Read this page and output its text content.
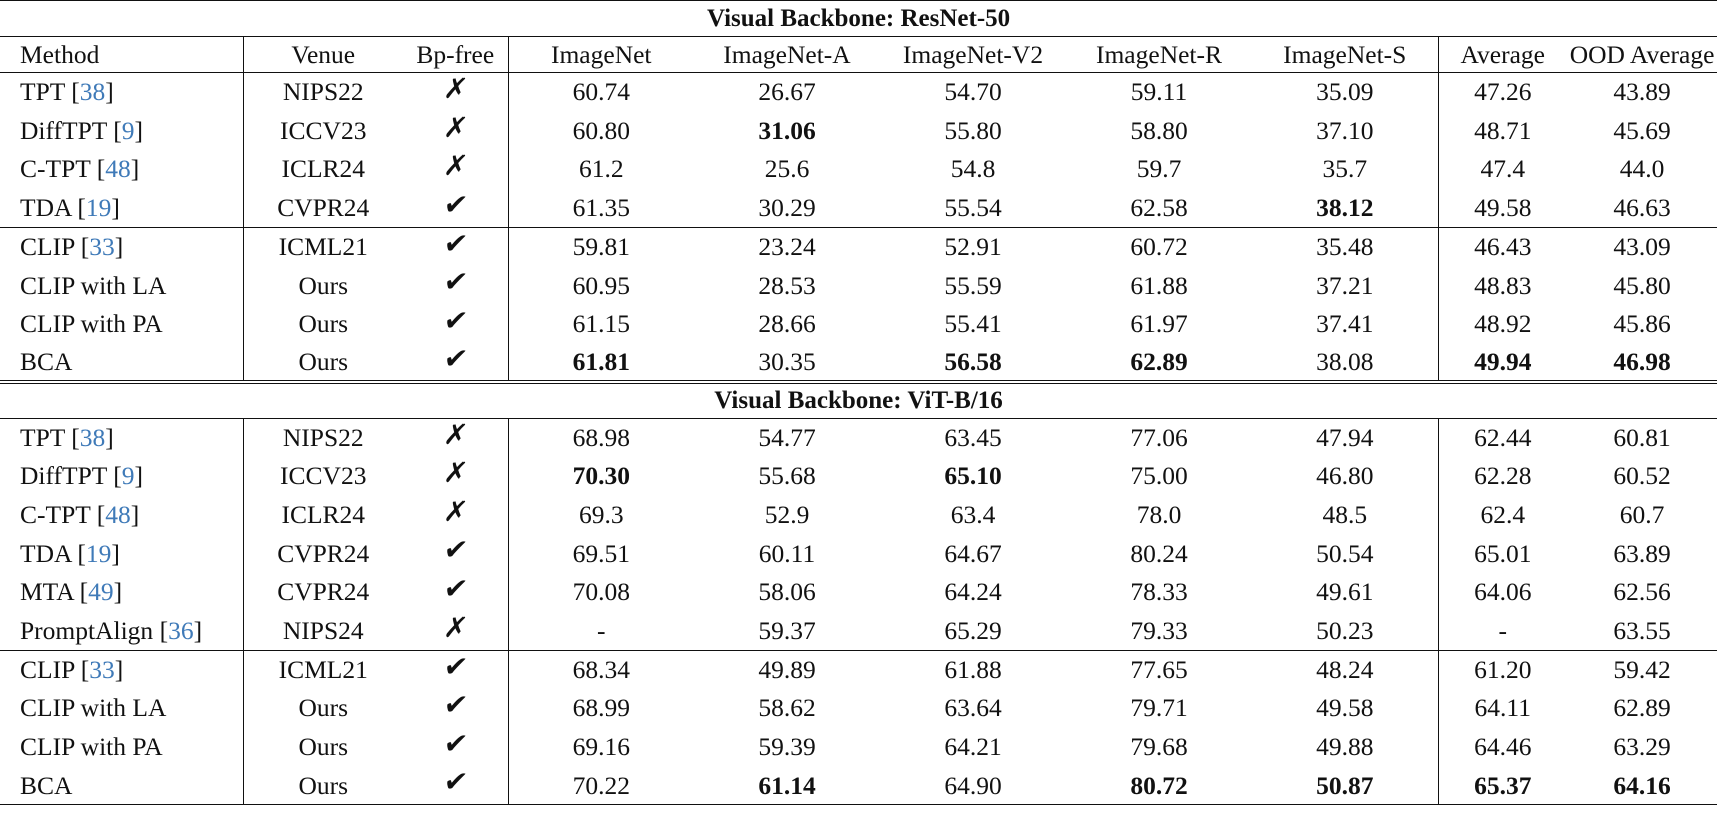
Visual Backbone: ResNet-50									
Method	Venue	Bp-free	ImageNet	ImageNet-A	ImageNet-V2	ImageNet-R	ImageNet-S	Average	OOD Average
TPT [38]	NIPS22	✗	60.74	26.67	54.70	59.11	35.09	47.26	43.89
DiffTPT [9]	ICCV23	✗	60.80	31.06	55.80	58.80	37.10	48.71	45.69
C-TPT [48]	ICLR24	✗	61.2	25.6	54.8	59.7	35.7	47.4	44.0
TDA [19]	CVPR24	✔	61.35	30.29	55.54	62.58	38.12	49.58	46.63
CLIP [33]	ICML21	✔	59.81	23.24	52.91	60.72	35.48	46.43	43.09
CLIP with LA	Ours	✔	60.95	28.53	55.59	61.88	37.21	48.83	45.80
CLIP with PA	Ours	✔	61.15	28.66	55.41	61.97	37.41	48.92	45.86
BCA	Ours	✔	61.81	30.35	56.58	62.89	38.08	49.94	46.98
Visual Backbone: ViT-B/16									
TPT [38]	NIPS22	✗	68.98	54.77	63.45	77.06	47.94	62.44	60.81
DiffTPT [9]	ICCV23	✗	70.30	55.68	65.10	75.00	46.80	62.28	60.52
C-TPT [48]	ICLR24	✗	69.3	52.9	63.4	78.0	48.5	62.4	60.7
TDA [19]	CVPR24	✔	69.51	60.11	64.67	80.24	50.54	65.01	63.89
MTA [49]	CVPR24	✔	70.08	58.06	64.24	78.33	49.61	64.06	62.56
PromptAlign [36]	NIPS24	✗	-	59.37	65.29	79.33	50.23	-	63.55
CLIP [33]	ICML21	✔	68.34	49.89	61.88	77.65	48.24	61.20	59.42
CLIP with LA	Ours	✔	68.99	58.62	63.64	79.71	49.58	64.11	62.89
CLIP with PA	Ours	✔	69.16	59.39	64.21	79.68	49.88	64.46	63.29
BCA	Ours	✔	70.22	61.14	64.90	80.72	50.87	65.37	64.16
